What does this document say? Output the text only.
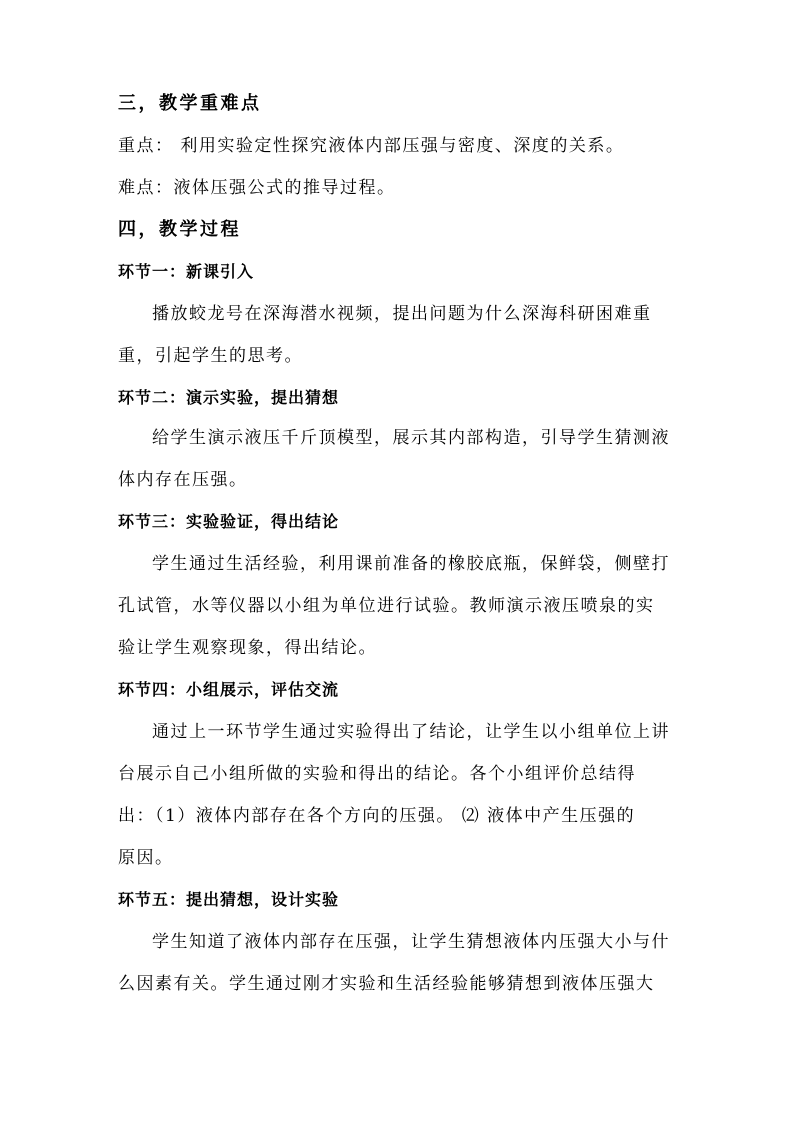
三，教学重难点
重点： 利用实验定性探究液体内部压强与密度、深度的关系。
难点：液体压强公式的推导过程。
四，教学过程
环节一：新课引入
播放蛟龙号在深海潜水视频，提出问题为什么深海科研困难重
重，引起学生的思考。
环节二：演示实验，提出猜想
给学生演示液压千斤顶模型，展示其内部构造，引导学生猜测液
体内存在压强。
环节三：实验验证，得出结论
学生通过生活经验，利用课前准备的橡胶底瓶，保鲜袋，侧壁打
孔试管，水等仪器以小组为单位进行试验。教师演示液压喷泉的实
验让学生观察现象，得出结论。
环节四：小组展示，评估交流
通过上一环节学生通过实验得出了结论，让学生以小组单位上讲
台展示自己小组所做的实验和得出的结论。各个小组评价总结得
出：（1）液体内部存在各个方向的压强。 ⑵ 液体中产生压强的
原因。
环节五：提出猜想，设计实验
学生知道了液体内部存在压强，让学生猜想液体内压强大小与什
么因素有关。学生通过刚才实验和生活经验能够猜想到液体压强大
